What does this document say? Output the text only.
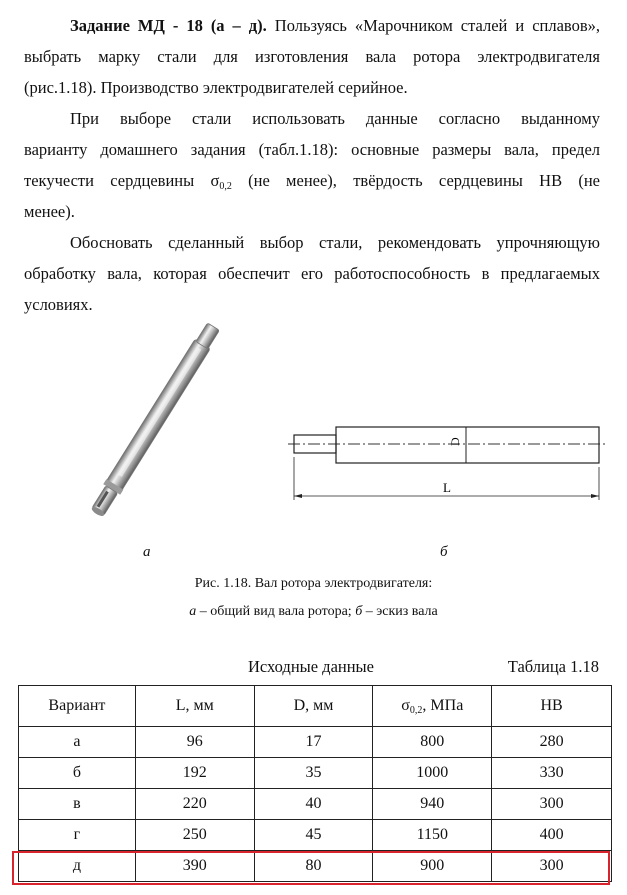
Задание МД - 18 (а – д). Пользуясь «Марочником сталей и сплавов»,
выбрать марку стали для изготовления вала ротора электродвигателя
(рис.1.18). Производство электродвигателей серийное.
При выборе стали использовать данные согласно выданному
варианту домашнего задания (табл.1.18): основные размеры вала, предел
текучести сердцевины $\sigma_{0,2}$ (не менее), твёрдость сердцевины HB (не
менее).
Обосновать сделанный выбор стали, рекомендовать упрочняющую
обработку вала, которая обеспечит его работоспособность в предлагаемых
условиях.
D
L
а	б
Рис. 1.18. Вал ротора электродвигателя:
а – общий вид вала ротора; б – эскиз вала
Исходные данные	Таблица 1.18
Вариант	L, мм	D, мм	$\sigma_{0,2}$, МПа	HB
а	96	17	800	280
б	192	35	1000	330
в	220	40	940	300
г	250	45	1150	400
д	390	80	900	300
